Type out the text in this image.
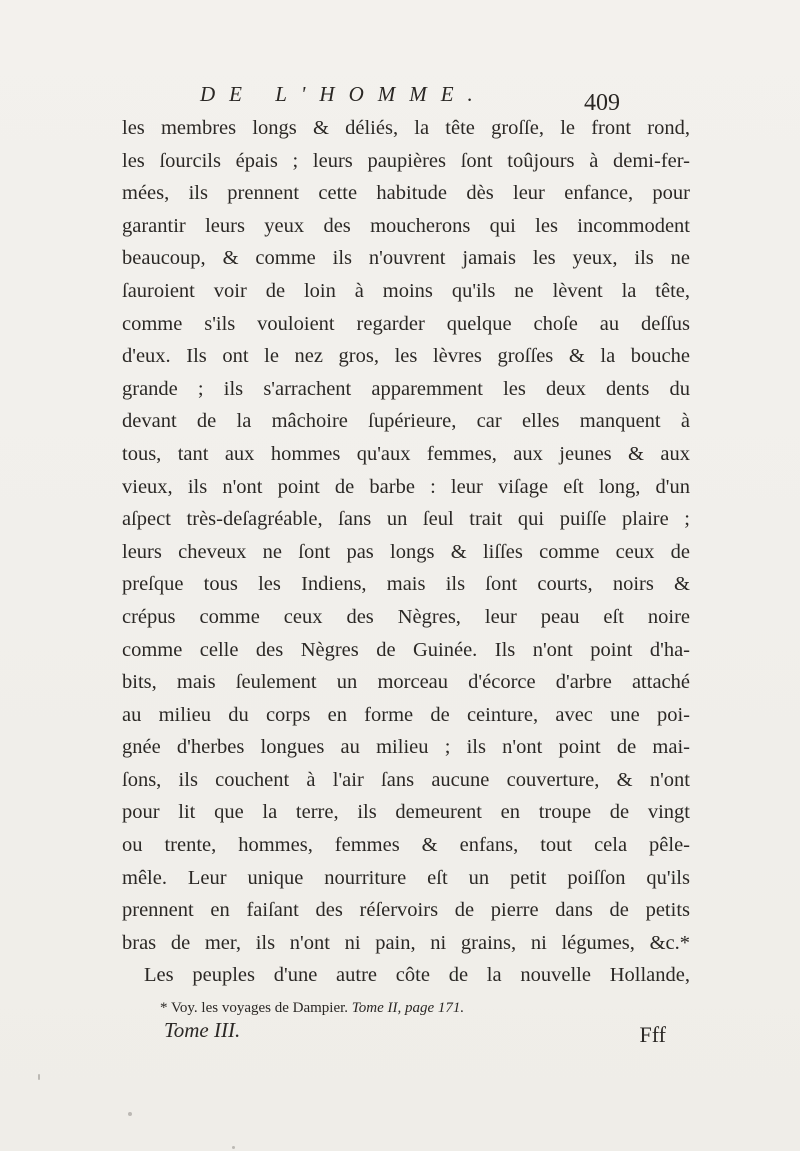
DE L'HOMME.	409
les membres longs & déliés, la tête groſſe, le front rond,
les ſourcils épais ; leurs paupières ſont toûjours à demi-fer-
mées, ils prennent cette habitude dès leur enfance, pour
garantir leurs yeux des moucherons qui les incommodent
beaucoup, & comme ils n'ouvrent jamais les yeux, ils ne
ſauroient voir de loin à moins qu'ils ne lèvent la tête,
comme s'ils vouloient regarder quelque choſe au deſſus
d'eux. Ils ont le nez gros, les lèvres groſſes & la bouche
grande ; ils s'arrachent apparemment les deux dents du
devant de la mâchoire ſupérieure, car elles manquent à
tous, tant aux hommes qu'aux femmes, aux jeunes & aux
vieux, ils n'ont point de barbe : leur viſage eſt long, d'un
aſpect très-deſagréable, ſans un ſeul trait qui puiſſe plaire ;
leurs cheveux ne ſont pas longs & liſſes comme ceux de
preſque tous les Indiens, mais ils ſont courts, noirs &
crépus comme ceux des Nègres, leur peau eſt noire
comme celle des Nègres de Guinée. Ils n'ont point d'ha-
bits, mais ſeulement un morceau d'écorce d'arbre attaché
au milieu du corps en forme de ceinture, avec une poi-
gnée d'herbes longues au milieu ; ils n'ont point de mai-
ſons, ils couchent à l'air ſans aucune couverture, & n'ont
pour lit que la terre, ils demeurent en troupe de vingt
ou trente, hommes, femmes & enfans, tout cela pêle-
mêle. Leur unique nourriture eſt un petit poiſſon qu'ils
prennent en faiſant des réſervoirs de pierre dans de petits
bras de mer, ils n'ont ni pain, ni grains, ni légumes, &c.*
Les peuples d'une autre côte de la nouvelle Hollande,
* Voy. les voyages de Dampier. Tome II, page 171.
Tome III.	Fff
